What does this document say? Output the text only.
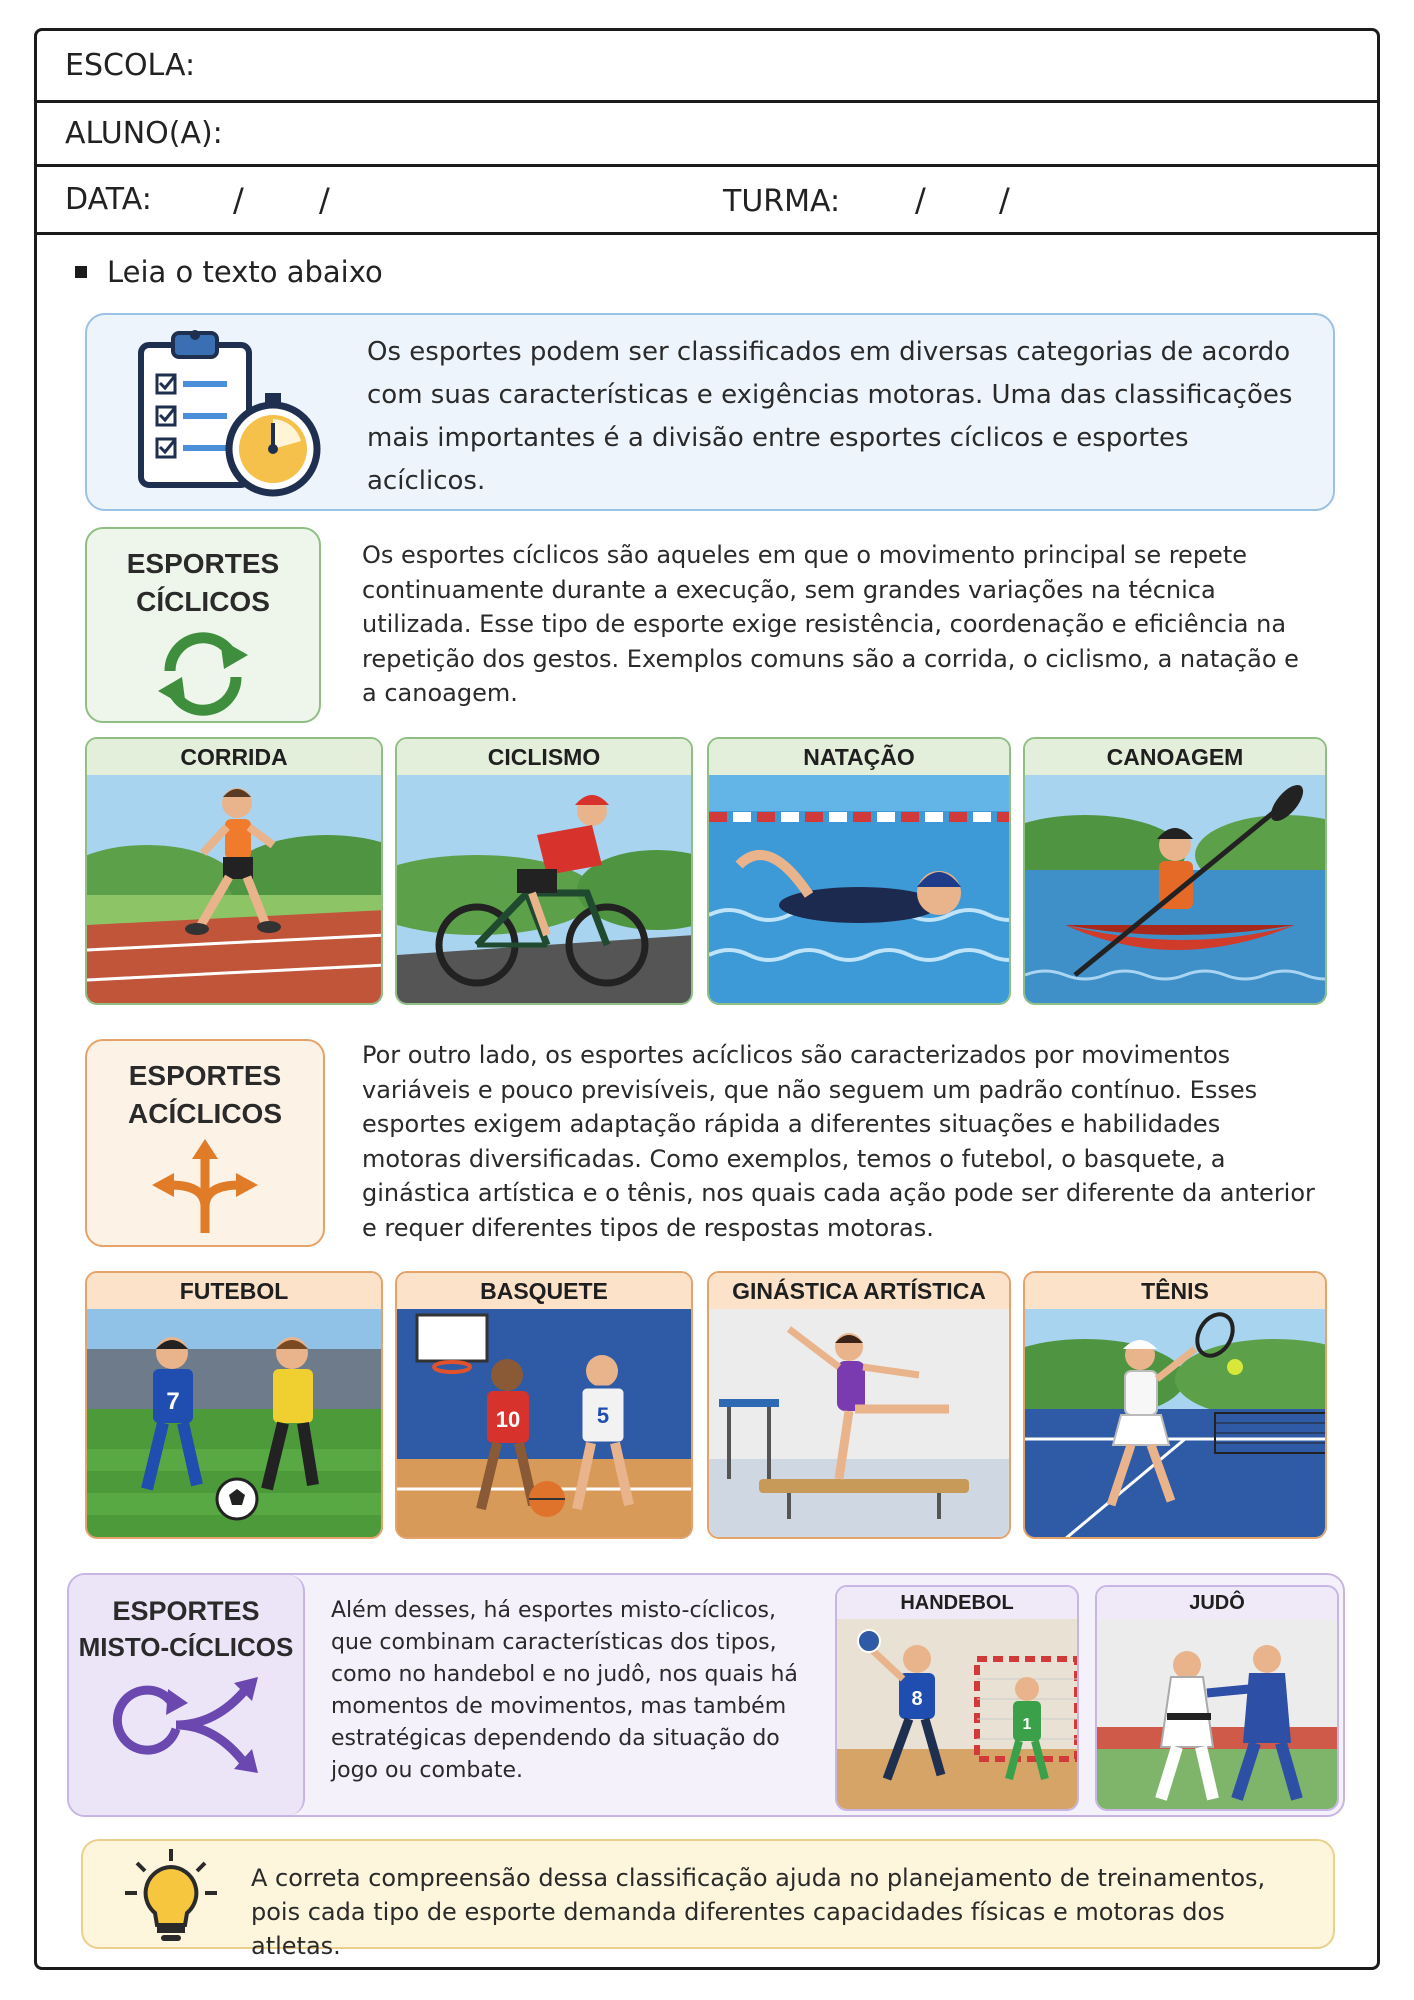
ESCOLA:
ALUNO(A):
DATA:	/ /	TURMA: / /
Leia o texto abaixo
Os esportes podem ser classificados em diversas categorias de acordo com suas características e exigências motoras. Uma das classificações mais importantes é a divisão entre esportes cíclicos e esportes acíclicos.
ESPORTES
CÍCLICOS
Os esportes cíclicos são aqueles em que o movimento principal se repete continuamente durante a execução, sem grandes variações na técnica utilizada. Esse tipo de esporte exige resistência, coordenação e eficiência na repetição dos gestos. Exemplos comuns são a corrida, o ciclismo, a natação e a canoagem.
CORRIDA	CICLISMO	NATAÇÃO	CANOAGEM
ESPORTES
ACÍCLICOS
Por outro lado, os esportes acíclicos são caracterizados por movimentos variáveis e pouco previsíveis, que não seguem um padrão contínuo. Esses esportes exigem adaptação rápida a diferentes situações e habilidades motoras diversificadas. Como exemplos, temos o futebol, o basquete, a ginástica artística e o tênis, nos quais cada ação pode ser diferente da anterior e requer diferentes tipos de respostas motoras.
FUTEBOL
7
BASQUETE
10	5
GINÁSTICA ARTÍSTICA	TÊNIS
ESPORTES
MISTO-CÍCLICOS
Além desses, há esportes misto-cíclicos, que combinam características dos tipos, como no handebol e no judô, nos quais há momentos de movimentos, mas também estratégicas dependendo da situação do jogo ou combate.
HANDEBOL
8
1
JUDÔ
A correta compreensão dessa classificação ajuda no planejamento de treinamentos,
pois cada tipo de esporte demanda diferentes capacidades físicas e motoras dos atletas.
